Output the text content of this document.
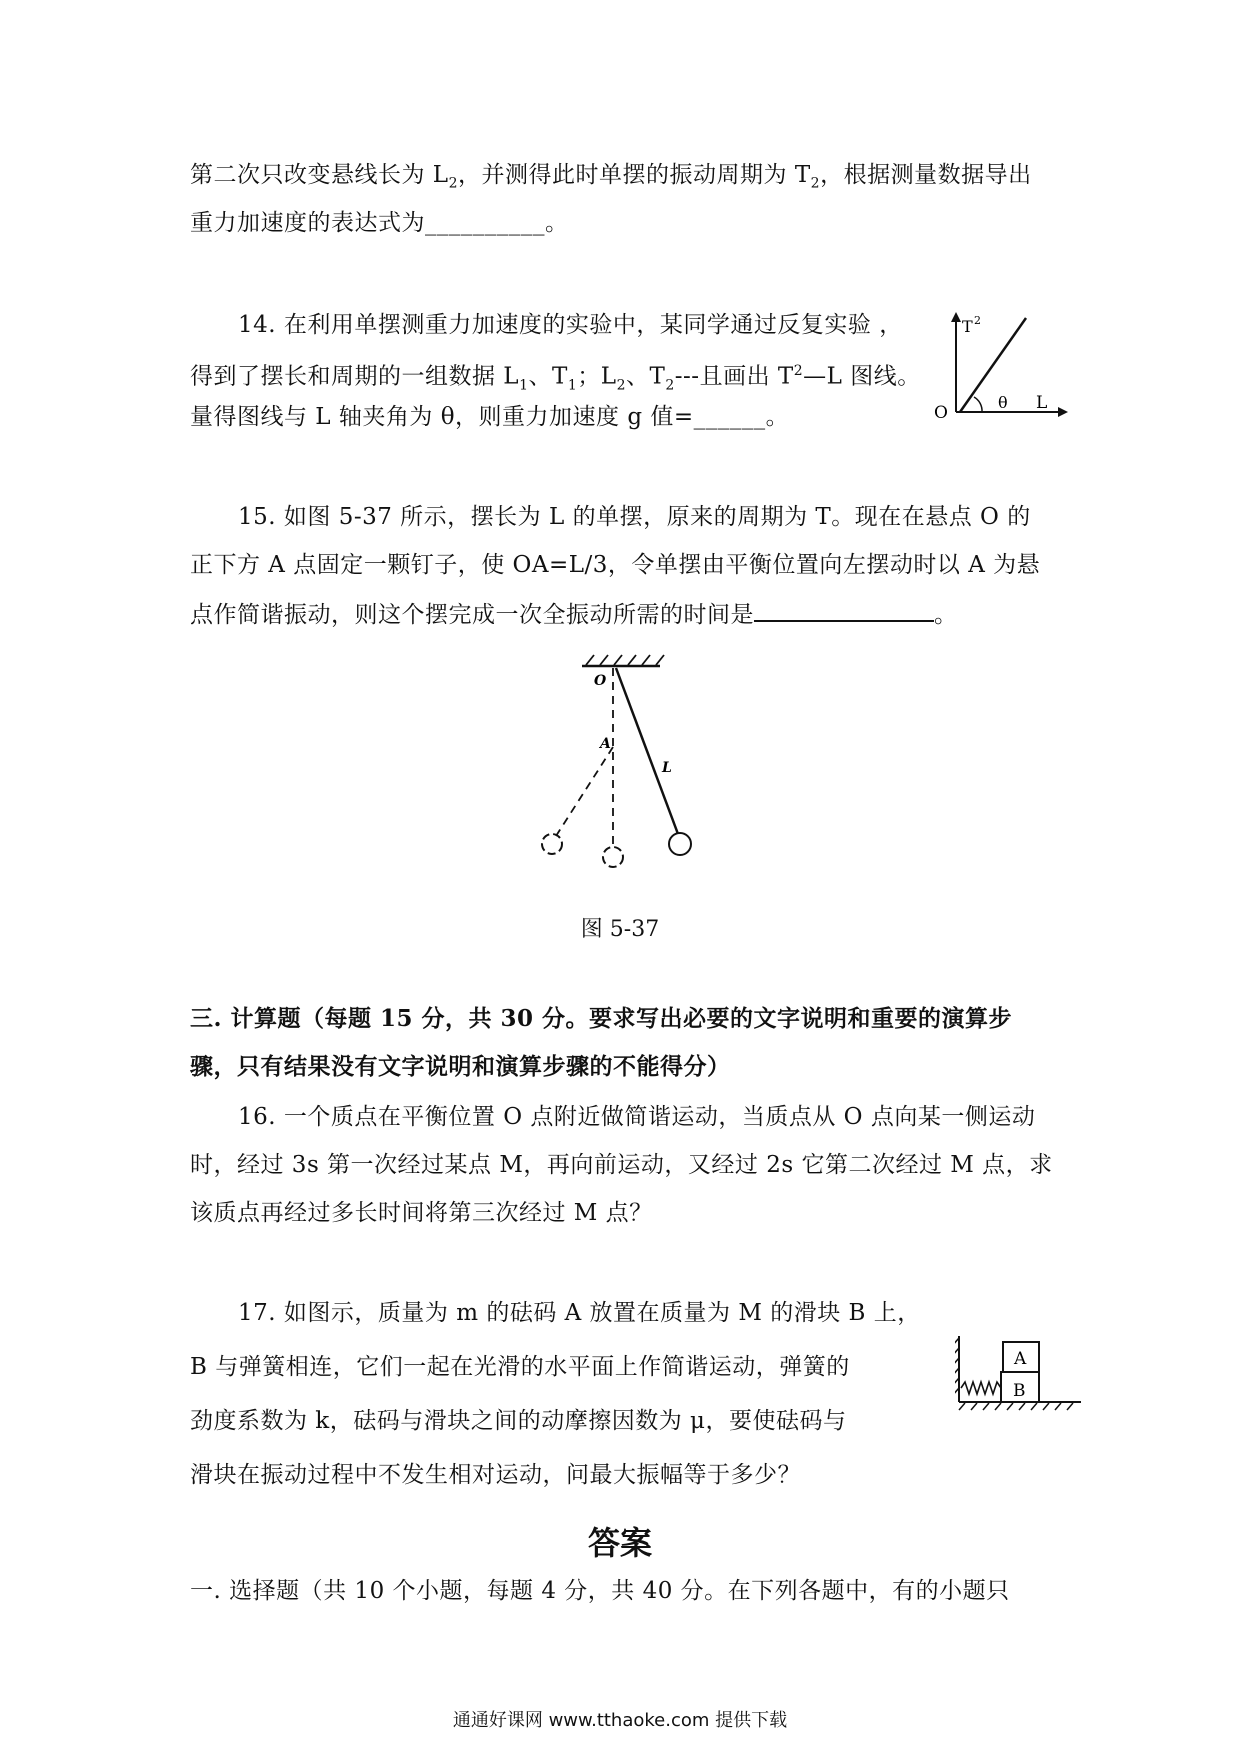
第二次只改变悬线长为 $L_2$，并测得此时单摆的振动周期为 $T_2$，根据测量数据导出
重力加速度的表达式为__________。
14. 在利用单摆测重力加速度的实验中，某同学通过反复实验 ，
得到了摆长和周期的一组数据 $L_1$、$T_1$；$L_2$、$T_2---$且画出 $T^2—L$ 图线。
量得图线与 L 轴夹角为 θ，则重力加速度 g 值=______。
T 2
O
θ L
15. 如图 5-37 所示，摆长为 L 的单摆，原来的周期为 T。现在在悬点 O 的
正下方 A 点固定一颗钉子，使 OA=L/3，令单摆由平衡位置向左摆动时以 A 为悬
点作简谐振动，则这个摆完成一次全振动所需的时间是	。
O
A
L
图 5-37
三. 计算题（每题 15 分，共 30 分。要求写出必要的文字说明和重要的演算步
骤，只有结果没有文字说明和演算步骤的不能得分）
16. 一个质点在平衡位置 O 点附近做简谐运动，当质点从 O 点向某一侧运动
时，经过 3s 第一次经过某点 M，再向前运动，又经过 2s 它第二次经过 M 点，求
该质点再经过多长时间将第三次经过 M 点？
17. 如图示，质量为 m 的砝码 A 放置在质量为 M 的滑块 B 上，
B 与弹簧相连，它们一起在光滑的水平面上作简谐运动，弹簧的
劲度系数为 k，砝码与滑块之间的动摩擦因数为 μ，要使砝码与
滑块在振动过程中不发生相对运动，问最大振幅等于多少？
A
B
答案
一. 选择题（共 10 个小题，每题 4 分，共 40 分。在下列各题中，有的小题只
通通好课网 www.tthaoke.com 提供下载
